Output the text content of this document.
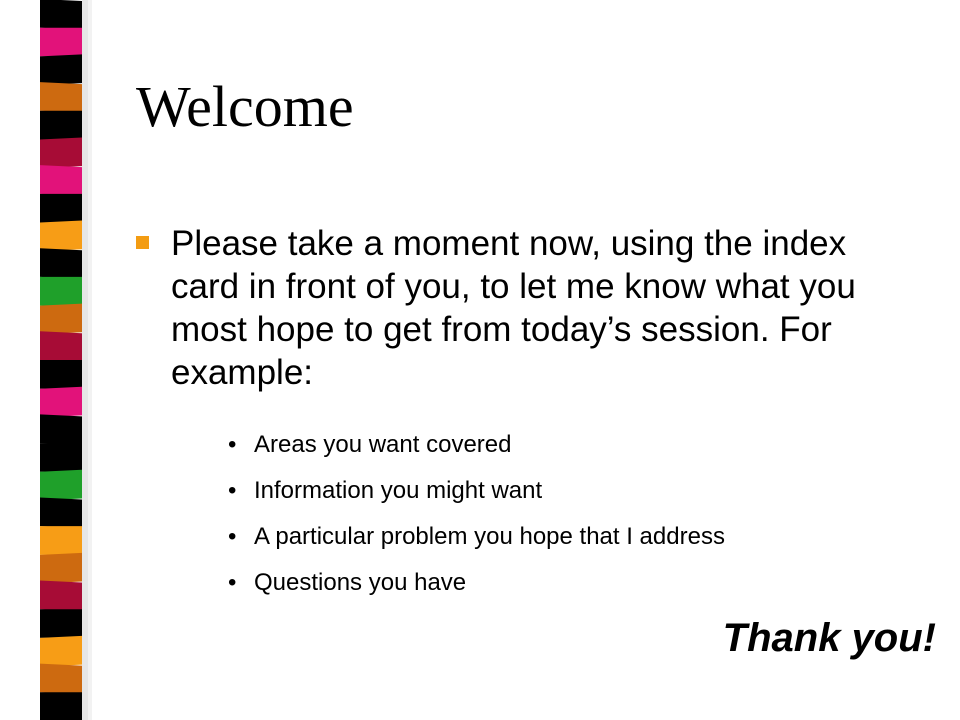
Welcome
Please take a moment now, using the index card in front of you, to let me know what you most hope to get from today’s session. For example:
• Areas you want covered
• Information you might want
• A particular problem you hope that I address
• Questions you have
Thank you!
